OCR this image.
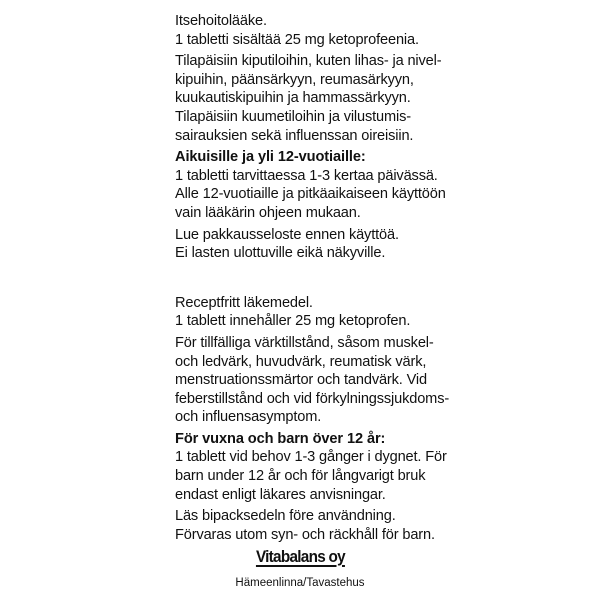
Itsehoitolääke.
1 tabletti sisältää 25 mg ketoprofeenia.
Tilapäisiin kiputiloihin, kuten lihas- ja nivel-
kipuihin, päänsärkyyn, reumasärkyyn,
kuukautiskipuihin ja hammassärkyyn.
Tilapäisiin kuumetiloihin ja vilustumis-
sairauksien sekä influenssan oireisiin.
Aikuisille ja yli 12-vuotiaille:
1 tabletti tarvittaessa 1-3 kertaa päivässä.
Alle 12-vuotiaille ja pitkäaikaiseen käyttöön
vain lääkärin ohjeen mukaan.
Lue pakkausseloste ennen käyttöä.
Ei lasten ulottuville eikä näkyville.
Receptfritt läkemedel.
1 tablett innehåller 25 mg ketoprofen.
För tillfälliga värktillstånd, såsom muskel-
och ledvärk, huvudvärk, reumatisk värk,
menstruationssmärtor och tandvärk. Vid
feberstillstånd och vid förkylningssjukdoms-
och influensasymptom.
För vuxna och barn över 12 år:
1 tablett vid behov 1-3 gånger i dygnet. För
barn under 12 år och för långvarigt bruk
endast enligt läkares anvisningar.
Läs bipacksedeln före användning.
Förvaras utom syn- och räckhåll för barn.
Vitabalans oy
Hämeenlinna/Tavastehus
